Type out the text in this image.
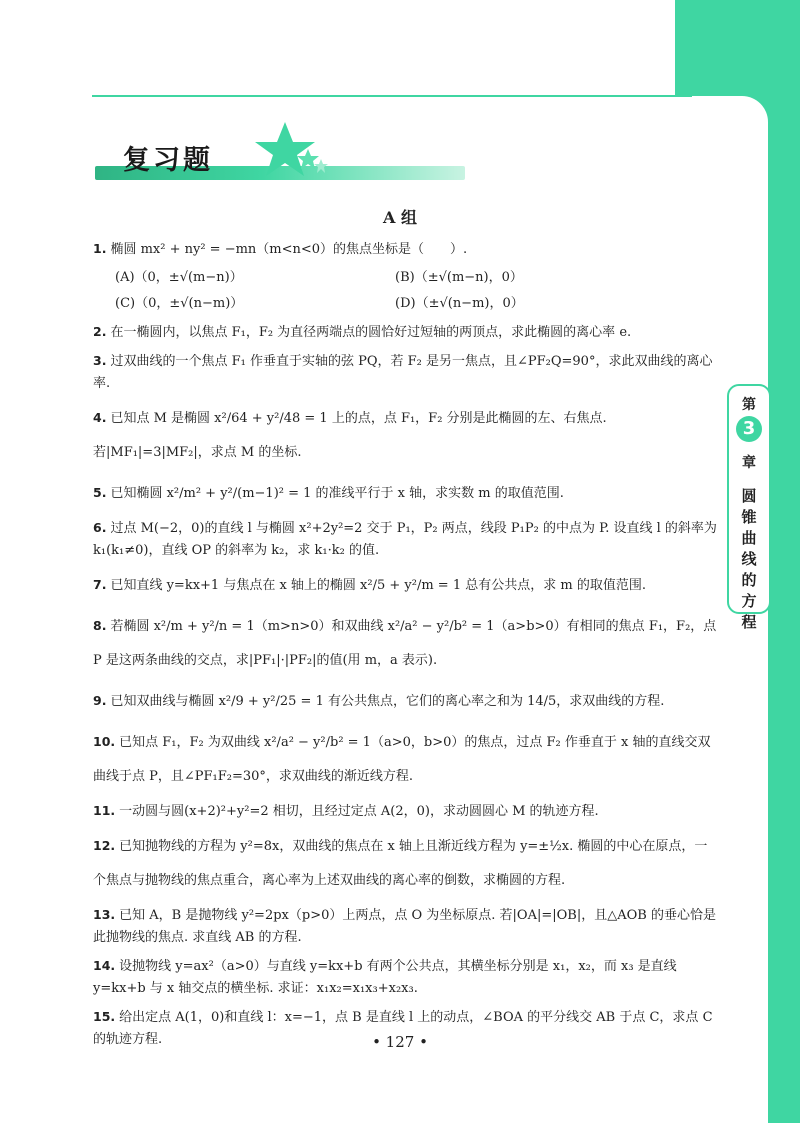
复习题
第
3
章
圆
锥
曲
线
的
方
程
A 组
1. 椭圆 mx² + ny² = −mn（m<n<0）的焦点坐标是（　　）.
(A)（0，±√(m−n)）	(B)（±√(m−n)，0）
(C)（0，±√(n−m)）	(D)（±√(n−m)，0）
2. 在一椭圆内，以焦点 F₁，F₂ 为直径两端点的圆恰好过短轴的两顶点，求此椭圆的离心率 e.
3. 过双曲线的一个焦点 F₁ 作垂直于实轴的弦 PQ，若 F₂ 是另一焦点，且∠PF₂Q=90°，求此双曲线的离心率.
4. 已知点 M 是椭圆 x²/64 + y²/48 = 1 上的点，点 F₁，F₂ 分别是此椭圆的左、右焦点. 若|MF₁|=3|MF₂|，求点 M 的坐标.
5. 已知椭圆 x²/m² + y²/(m−1)² = 1 的准线平行于 x 轴，求实数 m 的取值范围.
6. 过点 M(−2，0)的直线 l 与椭圆 x²+2y²=2 交于 P₁，P₂ 两点，线段 P₁P₂ 的中点为 P. 设直线 l 的斜率为 k₁(k₁≠0)，直线 OP 的斜率为 k₂，求 k₁·k₂ 的值.
7. 已知直线 y=kx+1 与焦点在 x 轴上的椭圆 x²/5 + y²/m = 1 总有公共点，求 m 的取值范围.
8. 若椭圆 x²/m + y²/n = 1（m>n>0）和双曲线 x²/a² − y²/b² = 1（a>b>0）有相同的焦点 F₁，F₂，点 P 是这两条曲线的交点，求|PF₁|·|PF₂|的值(用 m，a 表示).
9. 已知双曲线与椭圆 x²/9 + y²/25 = 1 有公共焦点，它们的离心率之和为 14/5，求双曲线的方程.
10. 已知点 F₁，F₂ 为双曲线 x²/a² − y²/b² = 1（a>0，b>0）的焦点，过点 F₂ 作垂直于 x 轴的直线交双曲线于点 P，且∠PF₁F₂=30°，求双曲线的渐近线方程.
11. 一动圆与圆(x+2)²+y²=2 相切，且经过定点 A(2，0)，求动圆圆心 M 的轨迹方程.
12. 已知抛物线的方程为 y²=8x，双曲线的焦点在 x 轴上且渐近线方程为 y=±½x. 椭圆的中心在原点，一个焦点与抛物线的焦点重合，离心率为上述双曲线的离心率的倒数，求椭圆的方程.
13. 已知 A，B 是抛物线 y²=2px（p>0）上两点，点 O 为坐标原点. 若|OA|=|OB|，且△AOB 的垂心恰是此抛物线的焦点. 求直线 AB 的方程.
14. 设抛物线 y=ax²（a>0）与直线 y=kx+b 有两个公共点，其横坐标分别是 x₁，x₂，而 x₃ 是直线 y=kx+b 与 x 轴交点的横坐标. 求证：x₁x₂=x₁x₃+x₂x₃.
15. 给出定点 A(1，0)和直线 l：x=−1，点 B 是直线 l 上的动点，∠BOA 的平分线交 AB 于点 C，求点 C 的轨迹方程.	• 127 •
